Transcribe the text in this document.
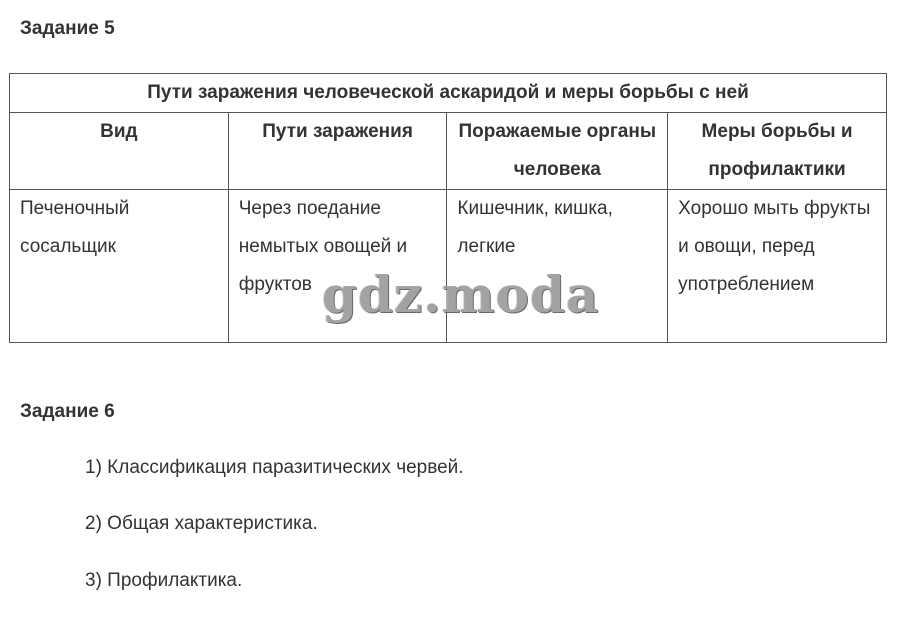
Задание 5
Пути заражения человеческой аскаридой и меры борьбы с ней			
Вид	Пути заражения	Поражаемые органы человека	Меры борьбы и профилактики
Печеночный сосальщик	Через поедание немытых овощей и фруктов	Кишечник, кишка, легкие	Хорошо мыть фрукты и овощи, перед употреблением
gdz.moda
Задание 6

1) Классификация паразитических червей.

2) Общая характеристика.

3) Профилактика.
